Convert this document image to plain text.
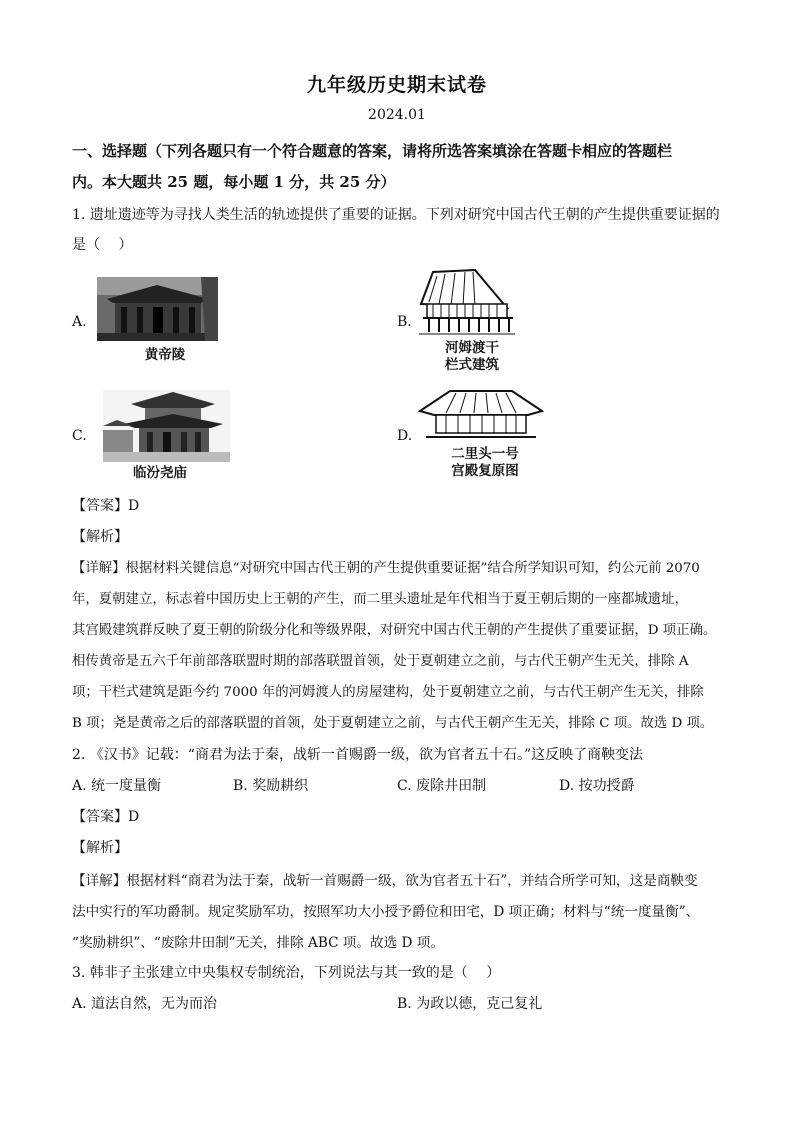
九年级历史期末试卷
2024.01
一、选择题（下列各题只有一个符合题意的答案，请将所选答案填涂在答题卡相应的答题栏
内。本大题共 25 题，每小题 1 分，共 25 分）
1. 遗址遗迹等为寻找人类生活的轨迹提供了重要的证据。下列对研究中国古代王朝的产生提供重要证据的
是（　 ）
A.
黄帝陵
B.
河姆渡干
栏式建筑
C.
临汾尧庙
D.
二里头一号
宫殿复原图
【答案】D
【解析】
【详解】根据材料关键信息“对研究中国古代王朝的产生提供重要证据”结合所学知识可知，约公元前 2070
年，夏朝建立，标志着中国历史上王朝的产生，而二里头遗址是年代相当于夏王朝后期的一座都城遗址，
其宫殿建筑群反映了夏王朝的阶级分化和等级界限，对研究中国古代王朝的产生提供了重要证据，D 项正确。
相传黄帝是五六千年前部落联盟时期的部落联盟首领，处于夏朝建立之前，与古代王朝产生无关，排除 A
项；干栏式建筑是距今约 7000 年的河姆渡人的房屋建构，处于夏朝建立之前，与古代王朝产生无关，排除
B 项；尧是黄帝之后的部落联盟的首领，处于夏朝建立之前，与古代王朝产生无关，排除 C 项。故选 D 项。
2. 《汉书》记载：“商君为法于秦，战斩一首赐爵一级，欲为官者五十石。”这反映了商鞅变法
A. 统一度量衡	B. 奖励耕织	C. 废除井田制	D. 按功授爵
【答案】D
【解析】
【详解】根据材料“商君为法于秦，战斩一首赐爵一级，欲为官者五十石”，并结合所学可知，这是商鞅变
法中实行的军功爵制。规定奖励军功，按照军功大小授予爵位和田宅，D 项正确；材料与“统一度量衡”、
“奖励耕织”、“废除井田制”无关，排除 ABC 项。故选 D 项。
3. 韩非子主张建立中央集权专制统治，下列说法与其一致的是（　 ）
A. 道法自然，无为而治	B. 为政以德，克己复礼
